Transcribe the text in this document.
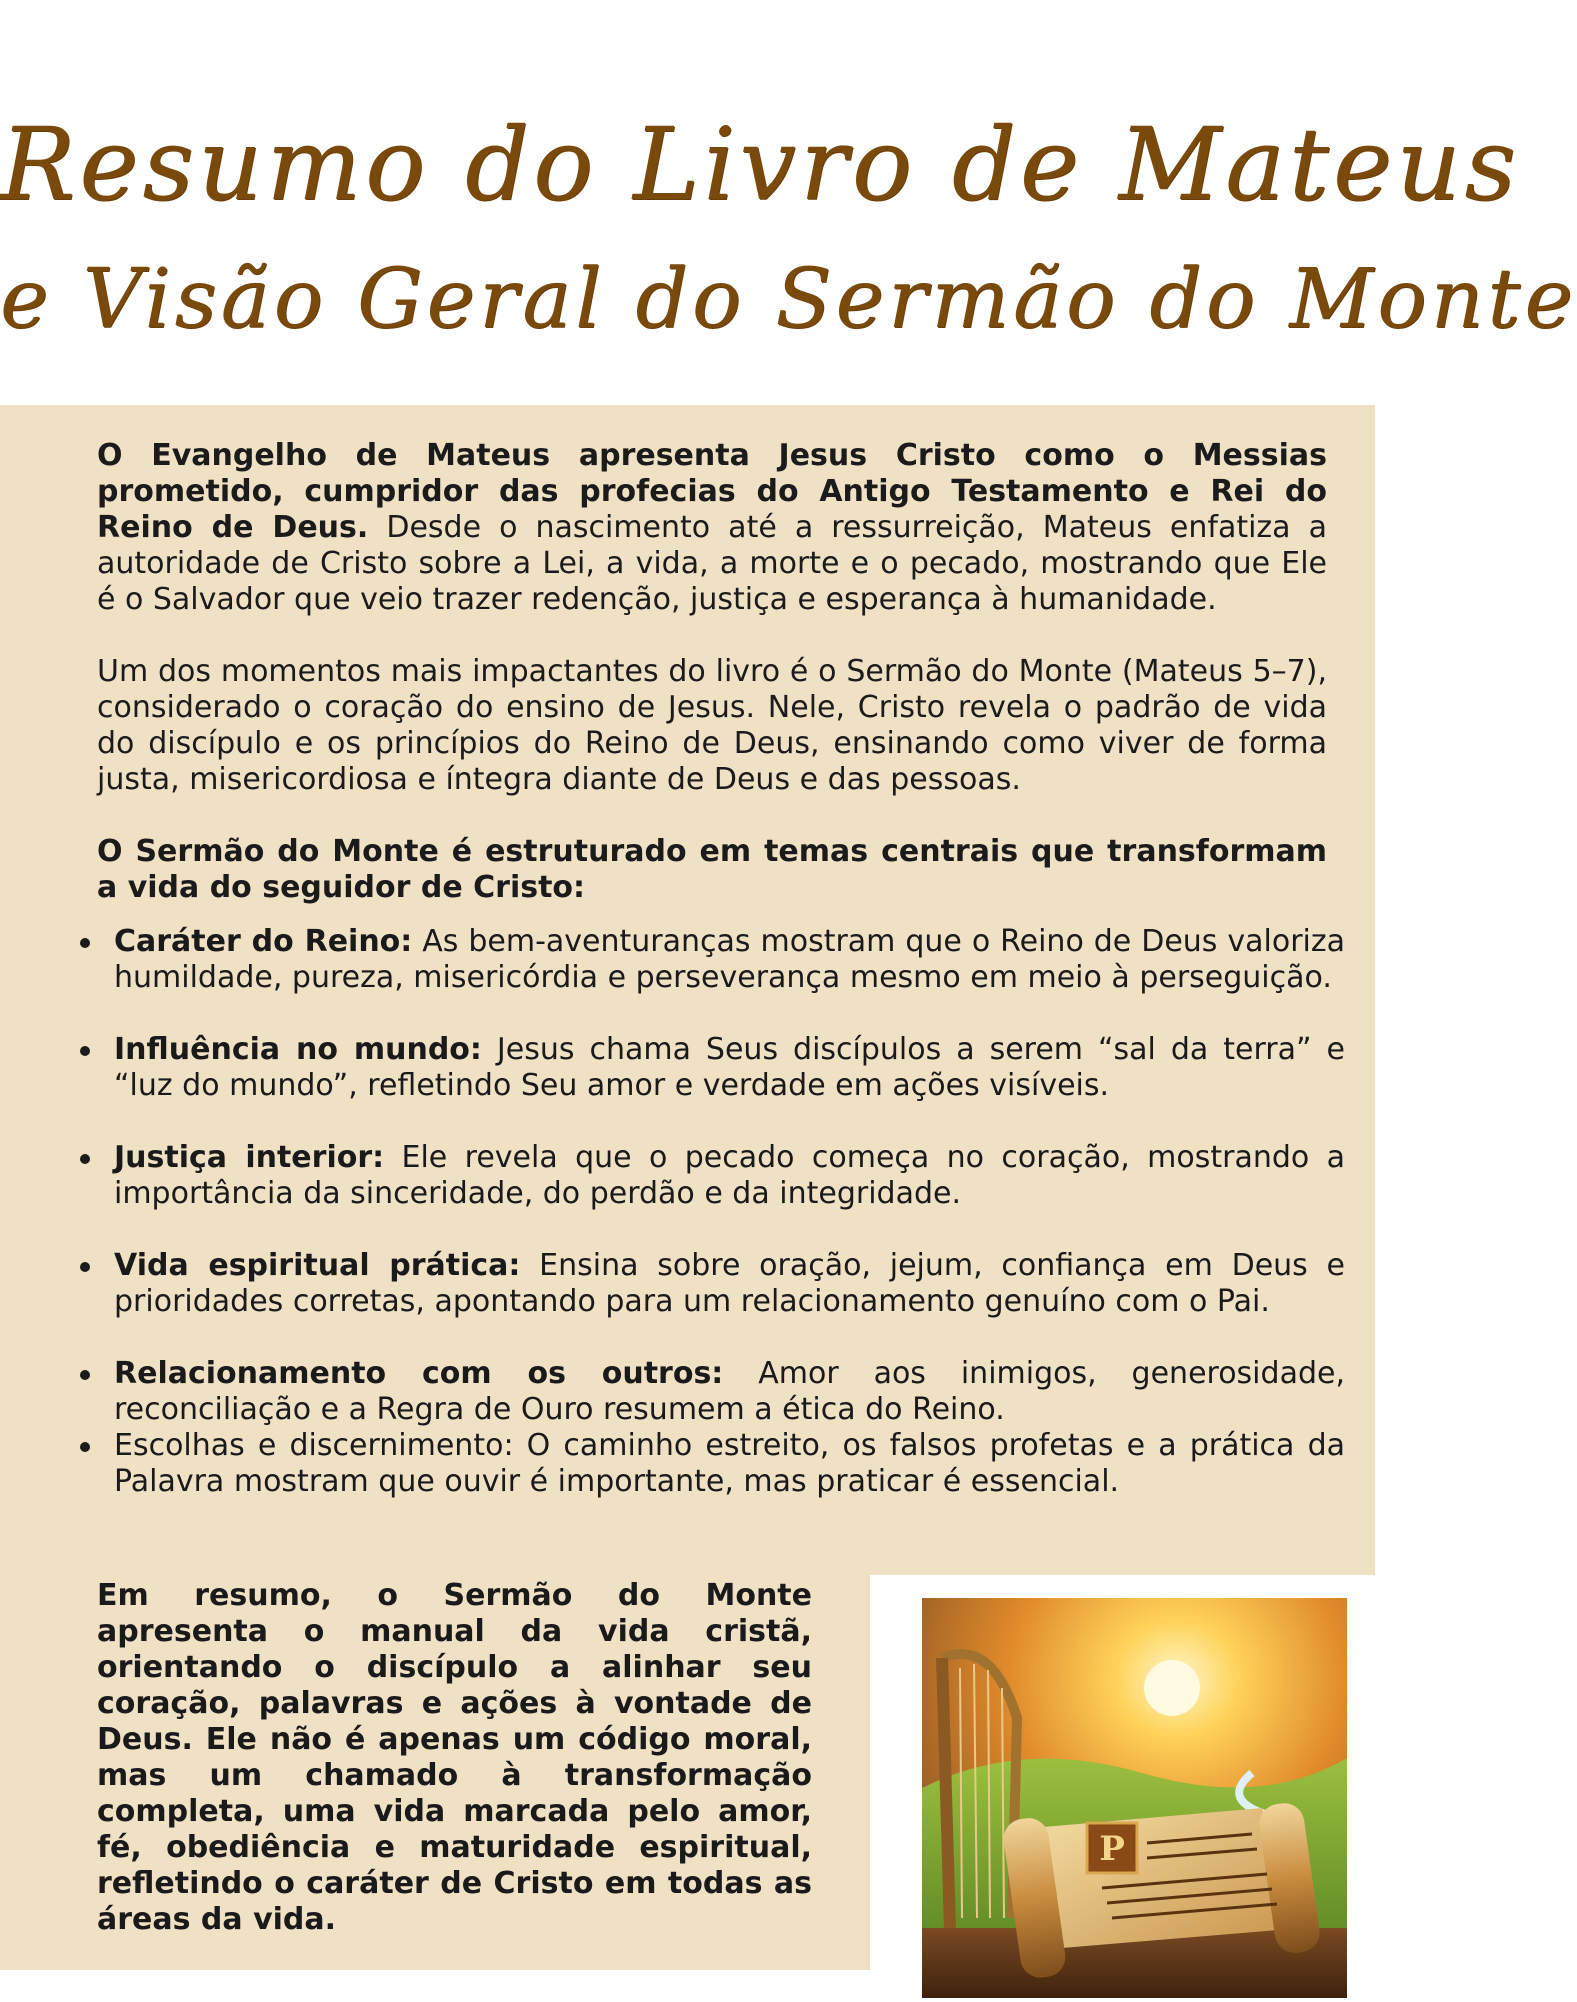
Resumo do Livro de Mateus
e Visão Geral do Sermão do Monte

O Evangelho de Mateus apresenta Jesus Cristo como o Messias prometido, cumpridor das profecias do Antigo Testamento e Rei do Reino de Deus. Desde o nascimento até a ressurreição, Mateus enfatiza a autoridade de Cristo sobre a Lei, a vida, a morte e o pecado, mostrando que Ele é o Salvador que veio trazer redenção, justiça e esperança à humanidade.

Um dos momentos mais impactantes do livro é o Sermão do Monte (Mateus 5–7), considerado o coração do ensino de Jesus. Nele, Cristo revela o padrão de vida do discípulo e os princípios do Reino de Deus, ensinando como viver de forma justa, misericordiosa e íntegra diante de Deus e das pessoas.

O Sermão do Monte é estruturado em temas centrais que transformam a vida do seguidor de Cristo:

Caráter do Reino: As bem-aventuranças mostram que o Reino de Deus valoriza humildade, pureza, misericórdia e perseverança mesmo em meio à perseguição.
Influência no mundo: Jesus chama Seus discípulos a serem “sal da terra” e “luz do mundo”, refletindo Seu amor e verdade em ações visíveis.
Justiça interior: Ele revela que o pecado começa no coração, mostrando a importância da sinceridade, do perdão e da integridade.
Vida espiritual prática: Ensina sobre oração, jejum, confiança em Deus e prioridades corretas, apontando para um relacionamento genuíno com o Pai.
Relacionamento com os outros: Amor aos inimigos, generosidade, reconciliação e a Regra de Ouro resumem a ética do Reino.
Escolhas e discernimento: O caminho estreito, os falsos profetas e a prática da Palavra mostram que ouvir é importante, mas praticar é essencial.

Em resumo, o Sermão do Monte apresenta o manual da vida cristã, orientando o discípulo a alinhar seu coração, palavras e ações à vontade de Deus. Ele não é apenas um código moral, mas um chamado à transformação completa, uma vida marcada pelo amor, fé, obediência e maturidade espiritual, refletindo o caráter de Cristo em todas as áreas da vida.

P
